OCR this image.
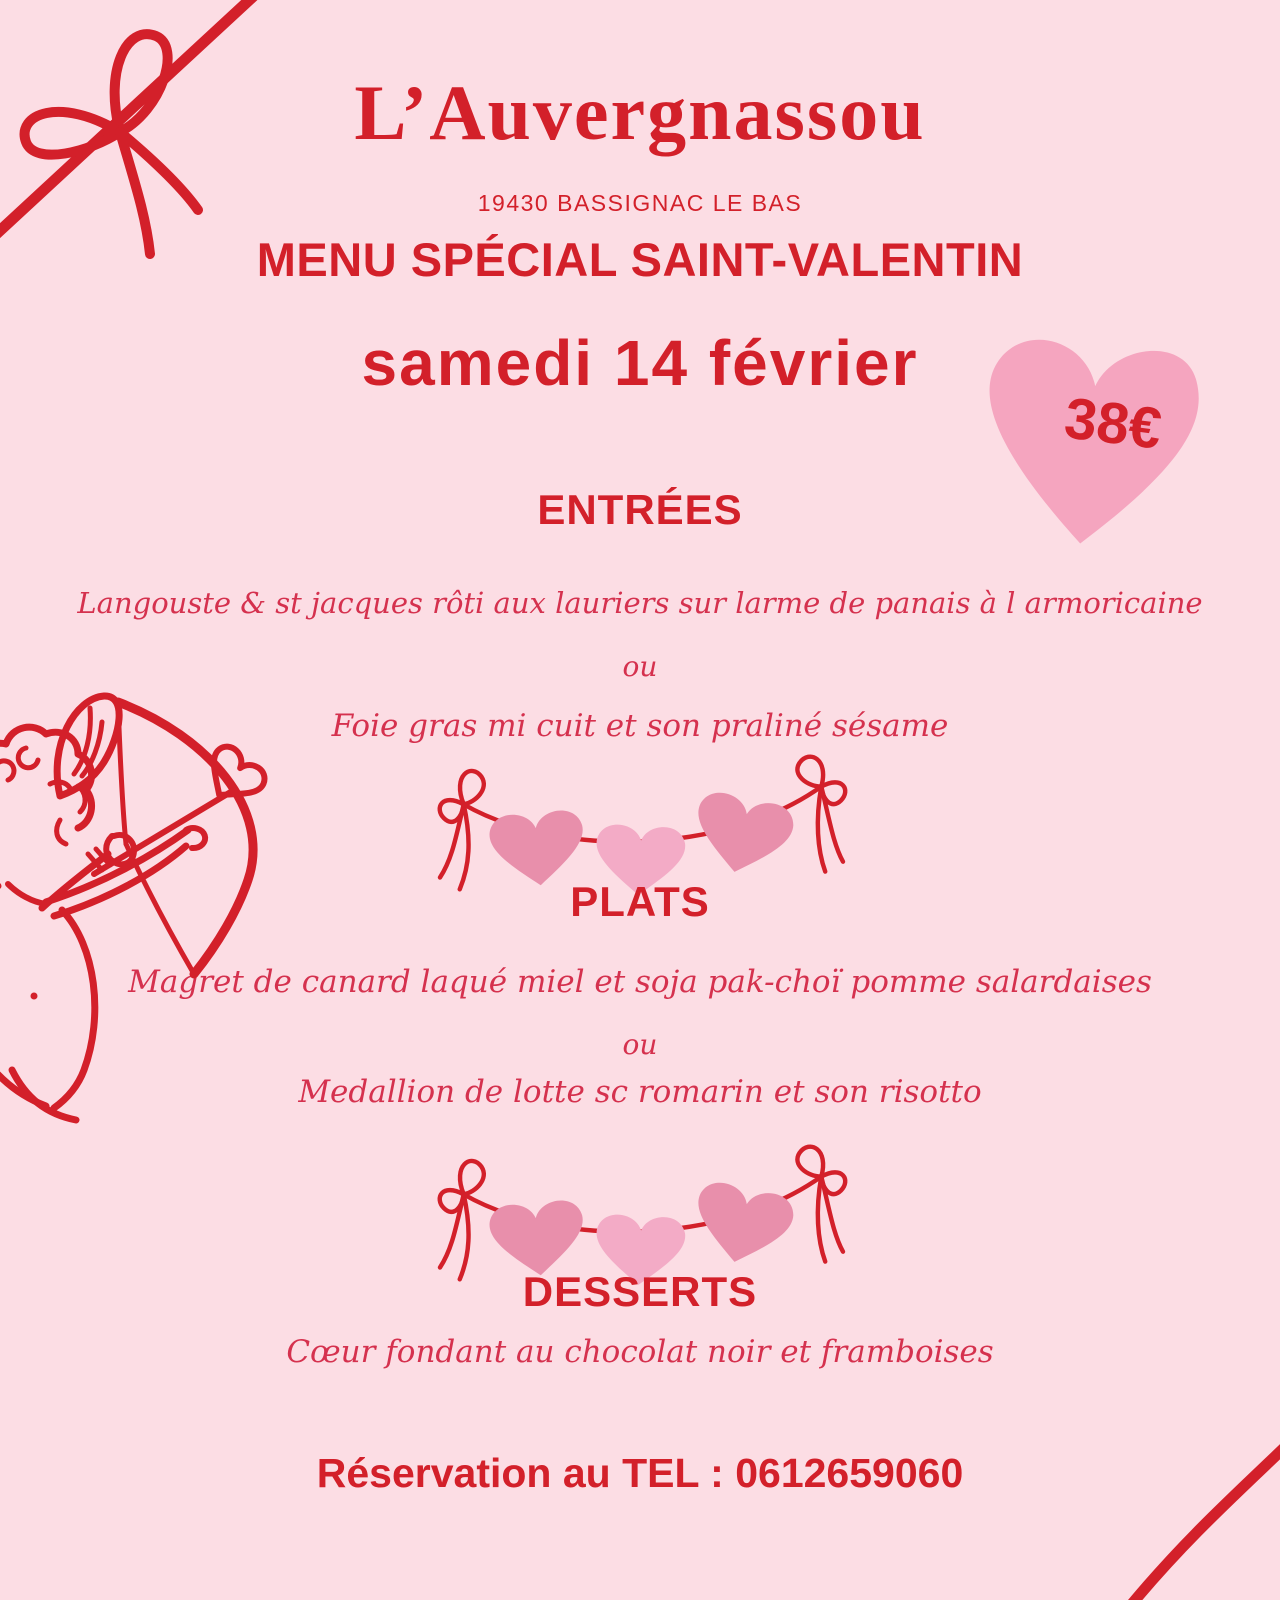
L’Auvergnassou
19430 BASSIGNAC LE BAS
MENU SPÉCIAL SAINT-VALENTIN
samedi 14 février
38€
ENTRÉES
Langouste & st jacques rôti aux lauriers sur larme de panais à l armoricaine
ou
Foie gras mi cuit et son praliné sésame
PLATS
Magret de canard laqué miel et soja pak-choï pomme salardaises
ou
Medallion de lotte sc romarin et son risotto
DESSERTS
Cœur fondant au chocolat noir et framboises
Réservation au TEL : 0612659060
